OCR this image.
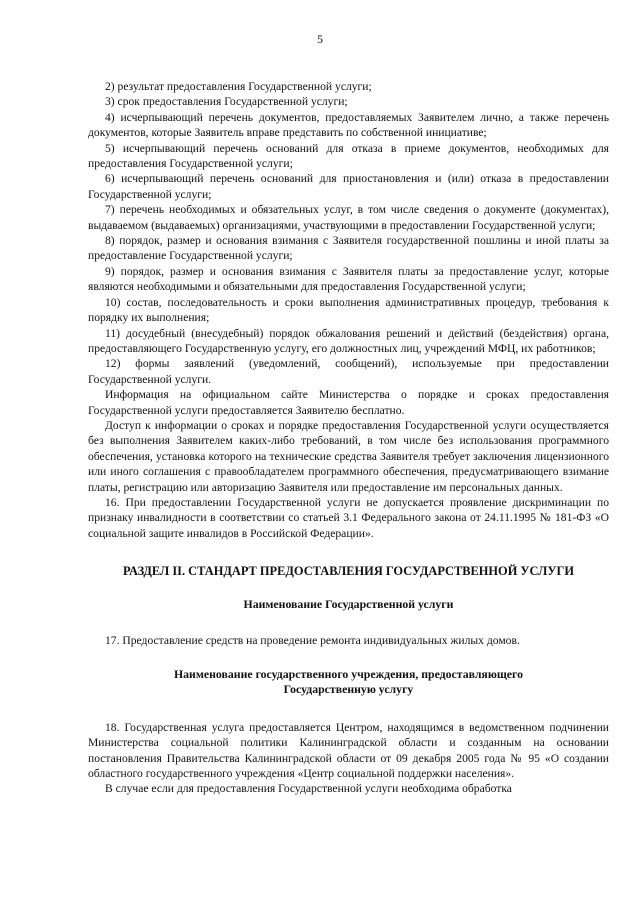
5

2) результат предоставления Государственной услуги;

3) срок предоставления Государственной услуги;

4) исчерпывающий перечень документов, предоставляемых Заявителем лично, а также перечень документов, которые Заявитель вправе представить по собственной инициативе;

5) исчерпывающий перечень оснований для отказа в приеме документов, необходимых для предоставления Государственной услуги;

6) исчерпывающий перечень оснований для приостановления и (или) отказа в предоставлении Государственной услуги;

7) перечень необходимых и обязательных услуг, в том числе сведения о документе (документах), выдаваемом (выдаваемых) организациями, участвующими в предоставлении Государственной услуги;

8) порядок, размер и основания взимания с Заявителя государственной пошлины и иной платы за предоставление Государственной услуги;

9) порядок, размер и основания взимания с Заявителя платы за предоставление услуг, которые являются необходимыми и обязательными для предоставления Государственной услуги;

10) состав, последовательность и сроки выполнения административных процедур, требования к порядку их выполнения;

11) досудебный (внесудебный) порядок обжалования решений и действий (бездействия) органа, предоставляющего Государственную услугу, его должностных лиц, учреждений МФЦ, их работников;

12) формы заявлений (уведомлений, сообщений), используемые при предоставлении Государственной услуги.

Информация на официальном сайте Министерства о порядке и сроках предоставления Государственной услуги предоставляется Заявителю бесплатно.

Доступ к информации о сроках и порядке предоставления Государственной услуги осуществляется без выполнения Заявителем каких-либо требований, в том числе без использования программного обеспечения, установка которого на технические средства Заявителя требует заключения лицензионного или иного соглашения с правообладателем программного обеспечения, предусматривающего взимание платы, регистрацию или авторизацию Заявителя или предоставление им персональных данных.

16. При предоставлении Государственной услуги не допускается проявление дискриминации по признаку инвалидности в соответствии со статьей 3.1 Федерального закона от 24.11.1995 № 181-ФЗ «О социальной защите инвалидов в Российской Федерации».

РАЗДЕЛ II. СТАНДАРТ ПРЕДОСТАВЛЕНИЯ ГОСУДАРСТВЕННОЙ УСЛУГИ
Наименование Государственной услуги

17. Предоставление средств на проведение ремонта индивидуальных жилых домов.

Наименование государственного учреждения, предоставляющего
Государственную услугу

18. Государственная услуга предоставляется Центром, находящимся в ведомственном подчинении Министерства социальной политики Калининградской области и созданным на основании постановления Правительства Калининградской области от 09 декабря 2005 года № 95 «О создании областного государственного учреждения «Центр социальной поддержки населения».

В случае если для предоставления Государственной услуги необходима обработка
